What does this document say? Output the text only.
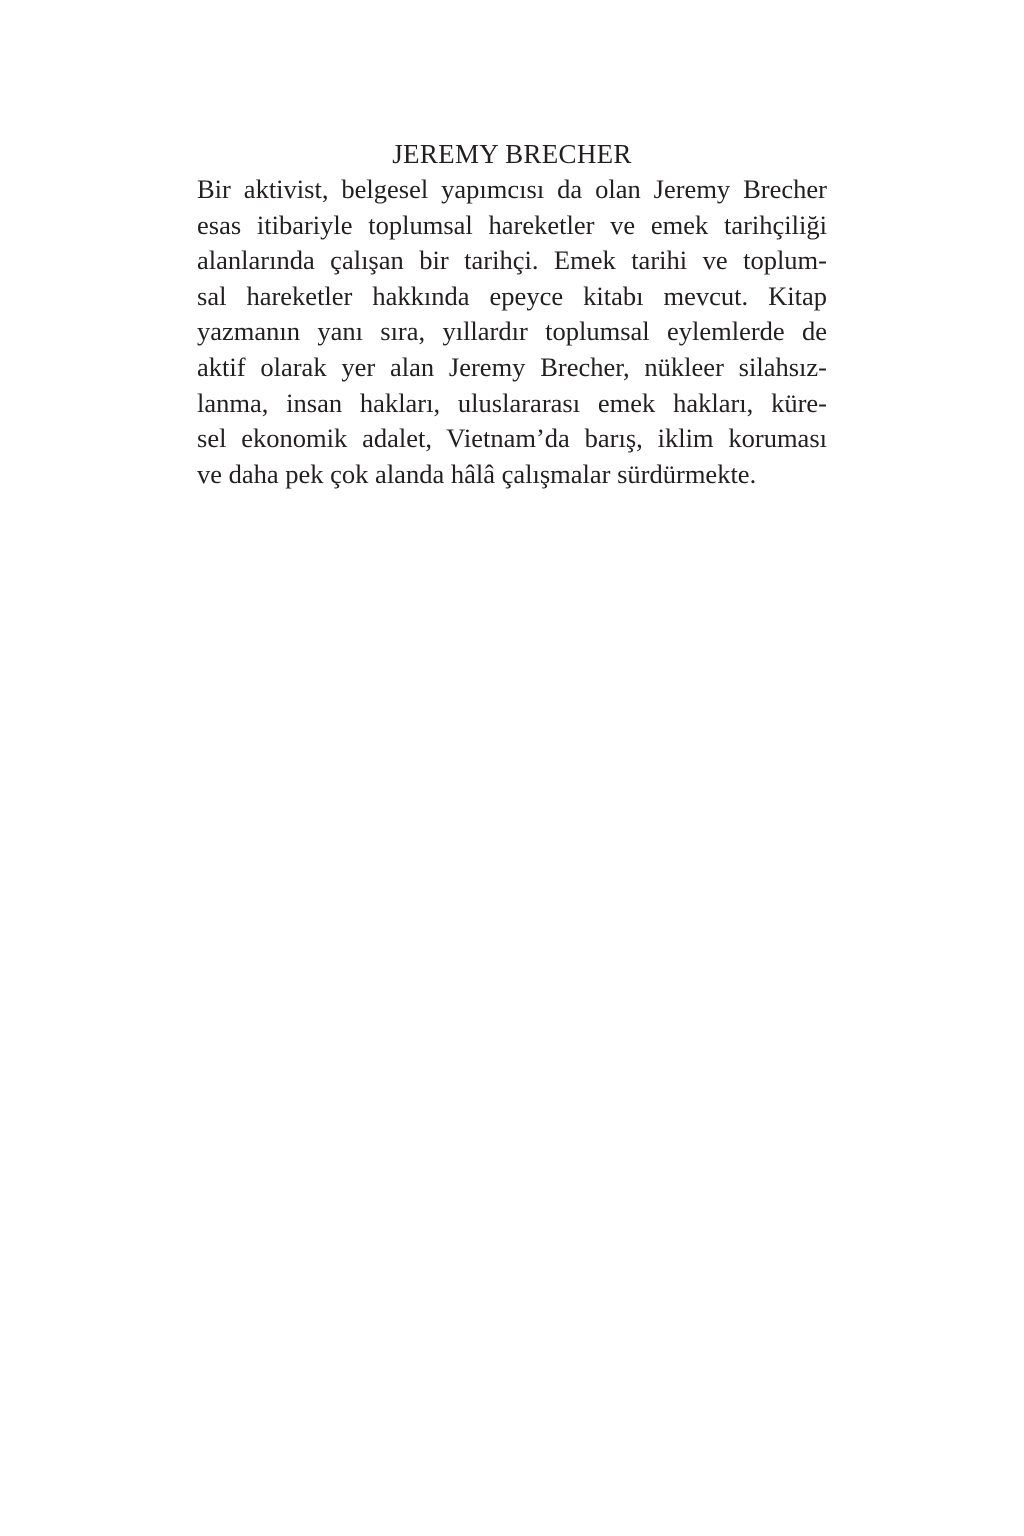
JEREMY BRECHER
Bir aktivist, belgesel yapımcısı da olan Jeremy Brecher
esas itibariyle toplumsal hareketler ve emek tarihçiliği
alanlarında çalışan bir tarihçi. Emek tarihi ve toplum-
sal hareketler hakkında epeyce kitabı mevcut. Kitap
yazmanın yanı sıra, yıllardır toplumsal eylemlerde de
aktif olarak yer alan Jeremy Brecher, nükleer silahsız-
lanma, insan hakları, uluslararası emek hakları, küre-
sel ekonomik adalet, Vietnam’da barış, iklim koruması
ve daha pek çok alanda hâlâ çalışmalar sürdürmekte.
